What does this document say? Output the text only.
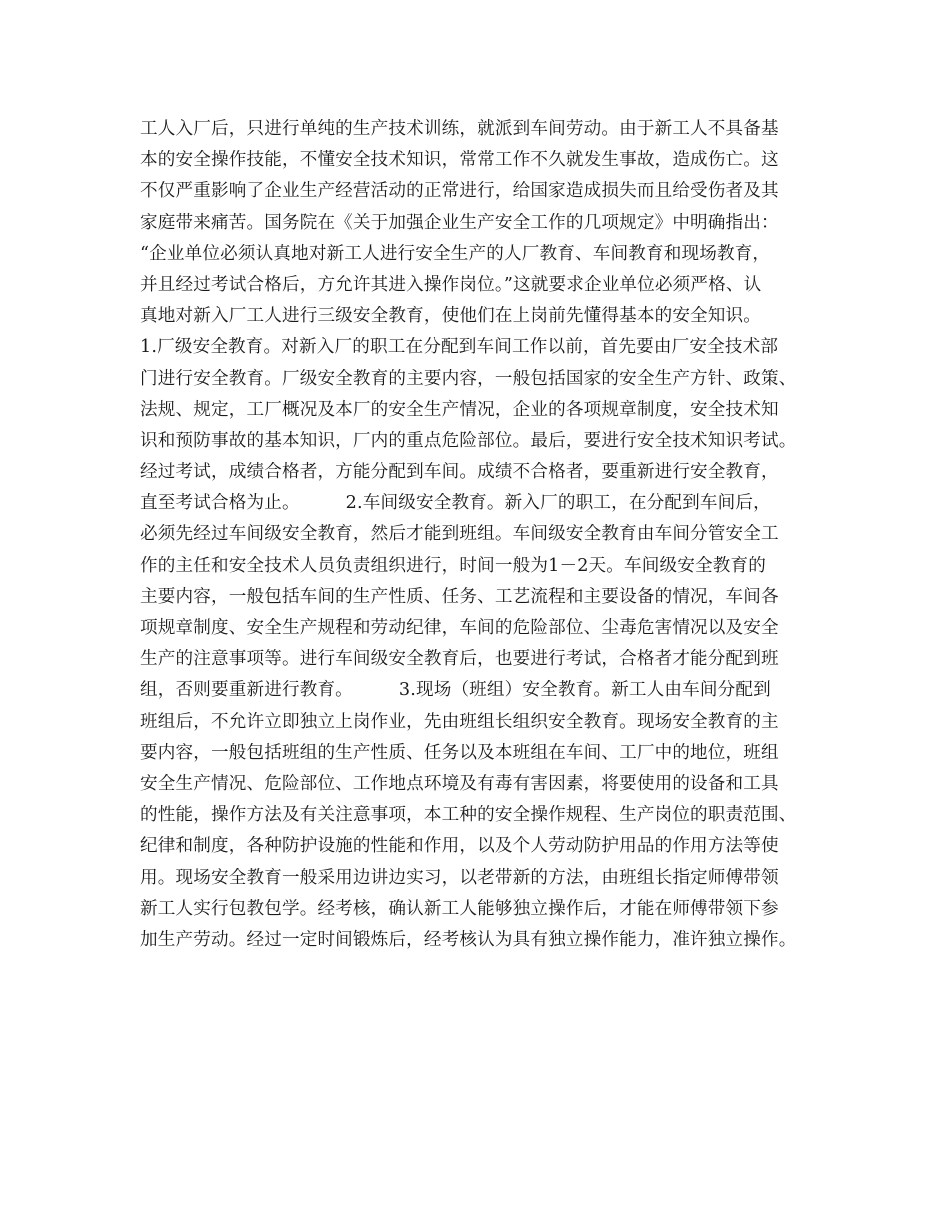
工人入厂后，只进行单纯的生产技术训练，就派到车间劳动。由于新工人不具备基
本的安全操作技能，不懂安全技术知识，常常工作不久就发生事故，造成伤亡。这
不仅严重影响了企业生产经营活动的正常进行，给国家造成损失而且给受伤者及其
家庭带来痛苦。国务院在《关于加强企业生产安全工作的几项规定》中明确指出：
“企业单位必须认真地对新工人进行安全生产的人厂教育、车间教育和现场教育，
并且经过考试合格后，方允许其进入操作岗位。”这就要求企业单位必须严格、认
真地对新入厂工人进行三级安全教育，使他们在上岗前先懂得基本的安全知识。
1.厂级安全教育。对新入厂的职工在分配到车间工作以前，首先要由厂安全技术部
门进行安全教育。厂级安全教育的主要内容，一般包括国家的安全生产方针、政策、
法规、规定，工厂概况及本厂的安全生产情况，企业的各项规章制度，安全技术知
识和预防事故的基本知识，厂内的重点危险部位。最后，要进行安全技术知识考试。
经过考试，成绩合格者，方能分配到车间。成绩不合格者，要重新进行安全教育，
直至考试合格为止。        2.车间级安全教育。新入厂的职工，在分配到车间后，
必须先经过车间级安全教育，然后才能到班组。车间级安全教育由车间分管安全工
作的主任和安全技术人员负责组织进行，时间一般为1－2天。车间级安全教育的
主要内容，一般包括车间的生产性质、任务、工艺流程和主要设备的情况，车间各
项规章制度、安全生产规程和劳动纪律，车间的危险部位、尘毒危害情况以及安全
生产的注意事项等。进行车间级安全教育后，也要进行考试，合格者才能分配到班
组，否则要重新进行教育。        3.现场（班组）安全教育。新工人由车间分配到
班组后，不允许立即独立上岗作业，先由班组长组织安全教育。现场安全教育的主
要内容，一般包括班组的生产性质、任务以及本班组在车间、工厂中的地位，班组
安全生产情况、危险部位、工作地点环境及有毒有害因素，将要使用的设备和工具
的性能，操作方法及有关注意事项，本工种的安全操作规程、生产岗位的职责范围、
纪律和制度，各种防护设施的性能和作用，以及个人劳动防护用品的作用方法等使
用。现场安全教育一般采用边讲边实习，以老带新的方法，由班组长指定师傅带领
新工人实行包教包学。经考核，确认新工人能够独立操作后，才能在师傅带领下参
加生产劳动。经过一定时间锻炼后，经考核认为具有独立操作能力，准许独立操作。
